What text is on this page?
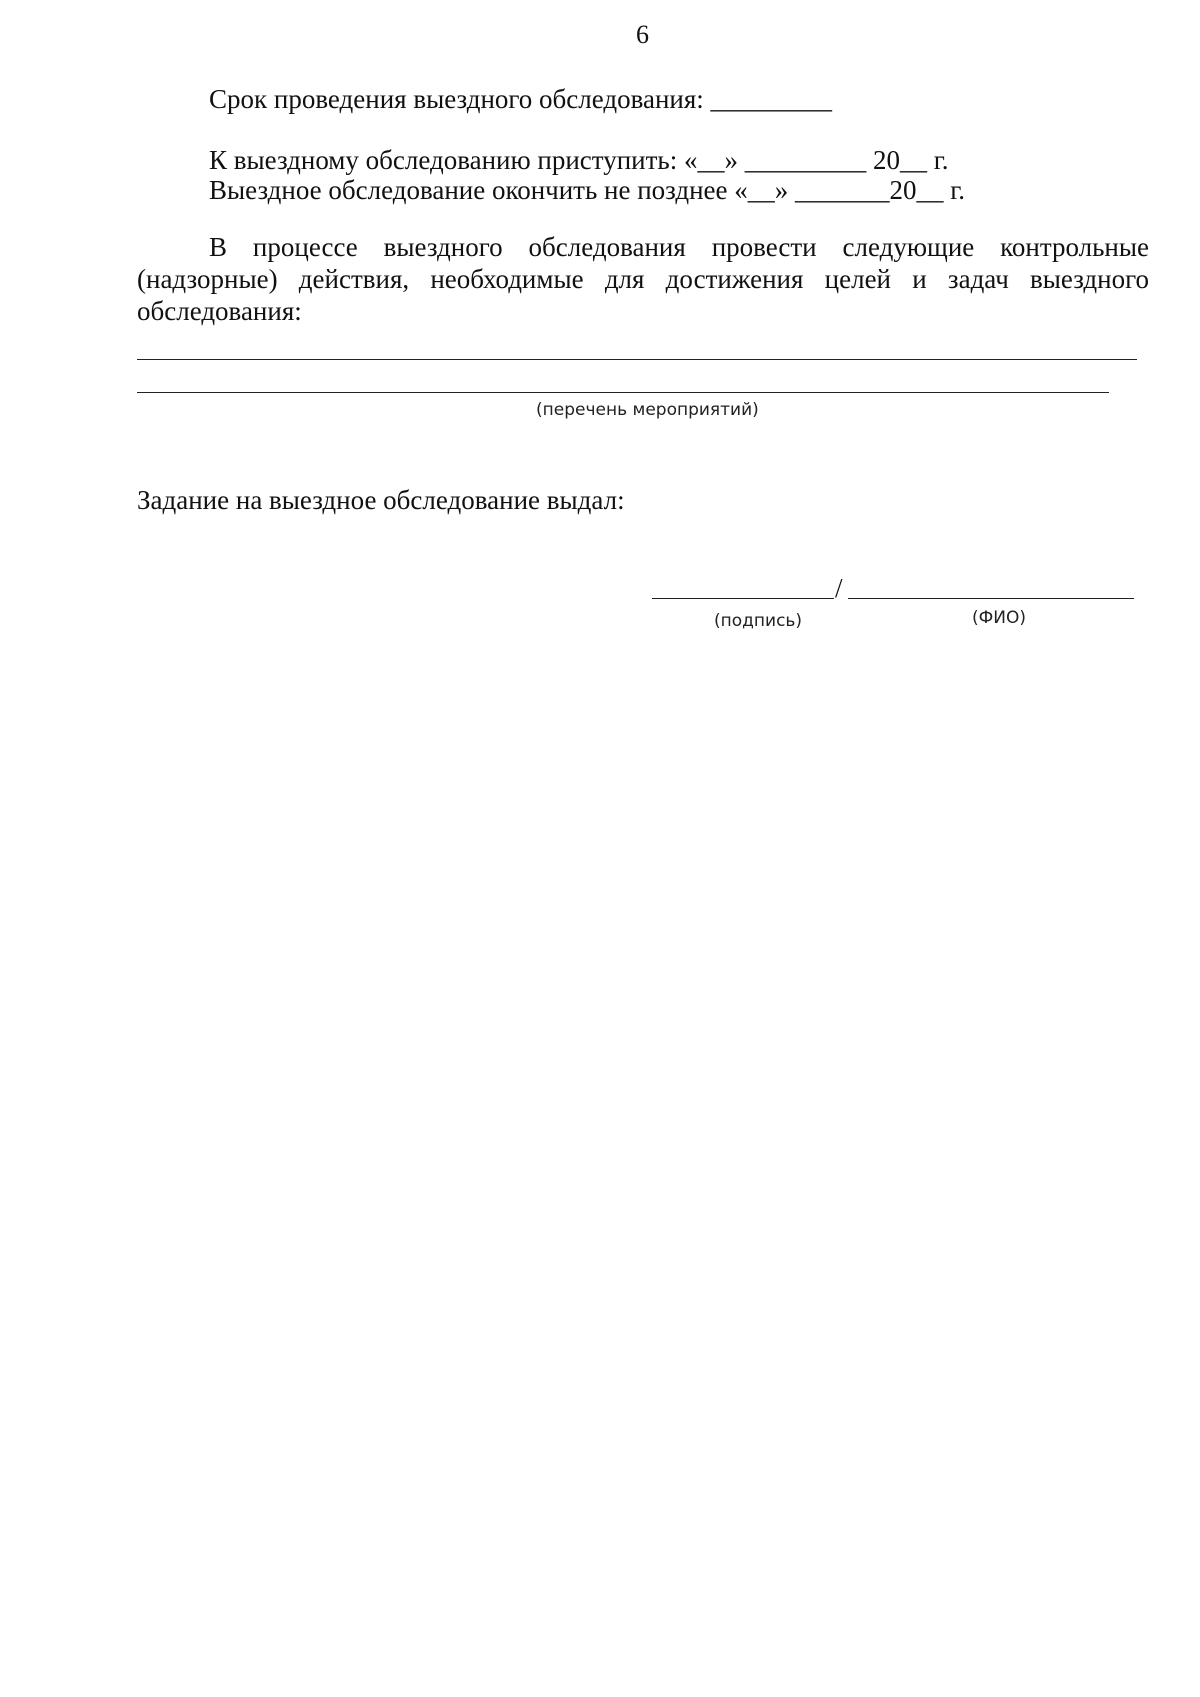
6
Срок проведения выездного обследования: _________
К выездному обследованию приступить: «__» _________ 20__ г.
Выездное обследование окончить не позднее «__» _______20__ г.
В процессе выездного обследования провести следующие контрольные (надзорные) действия, необходимые для достижения целей и задач выездного обследования:
(перечень мероприятий)
Задание на выездное обследование выдал:
/
(подпись)	(ФИО)
